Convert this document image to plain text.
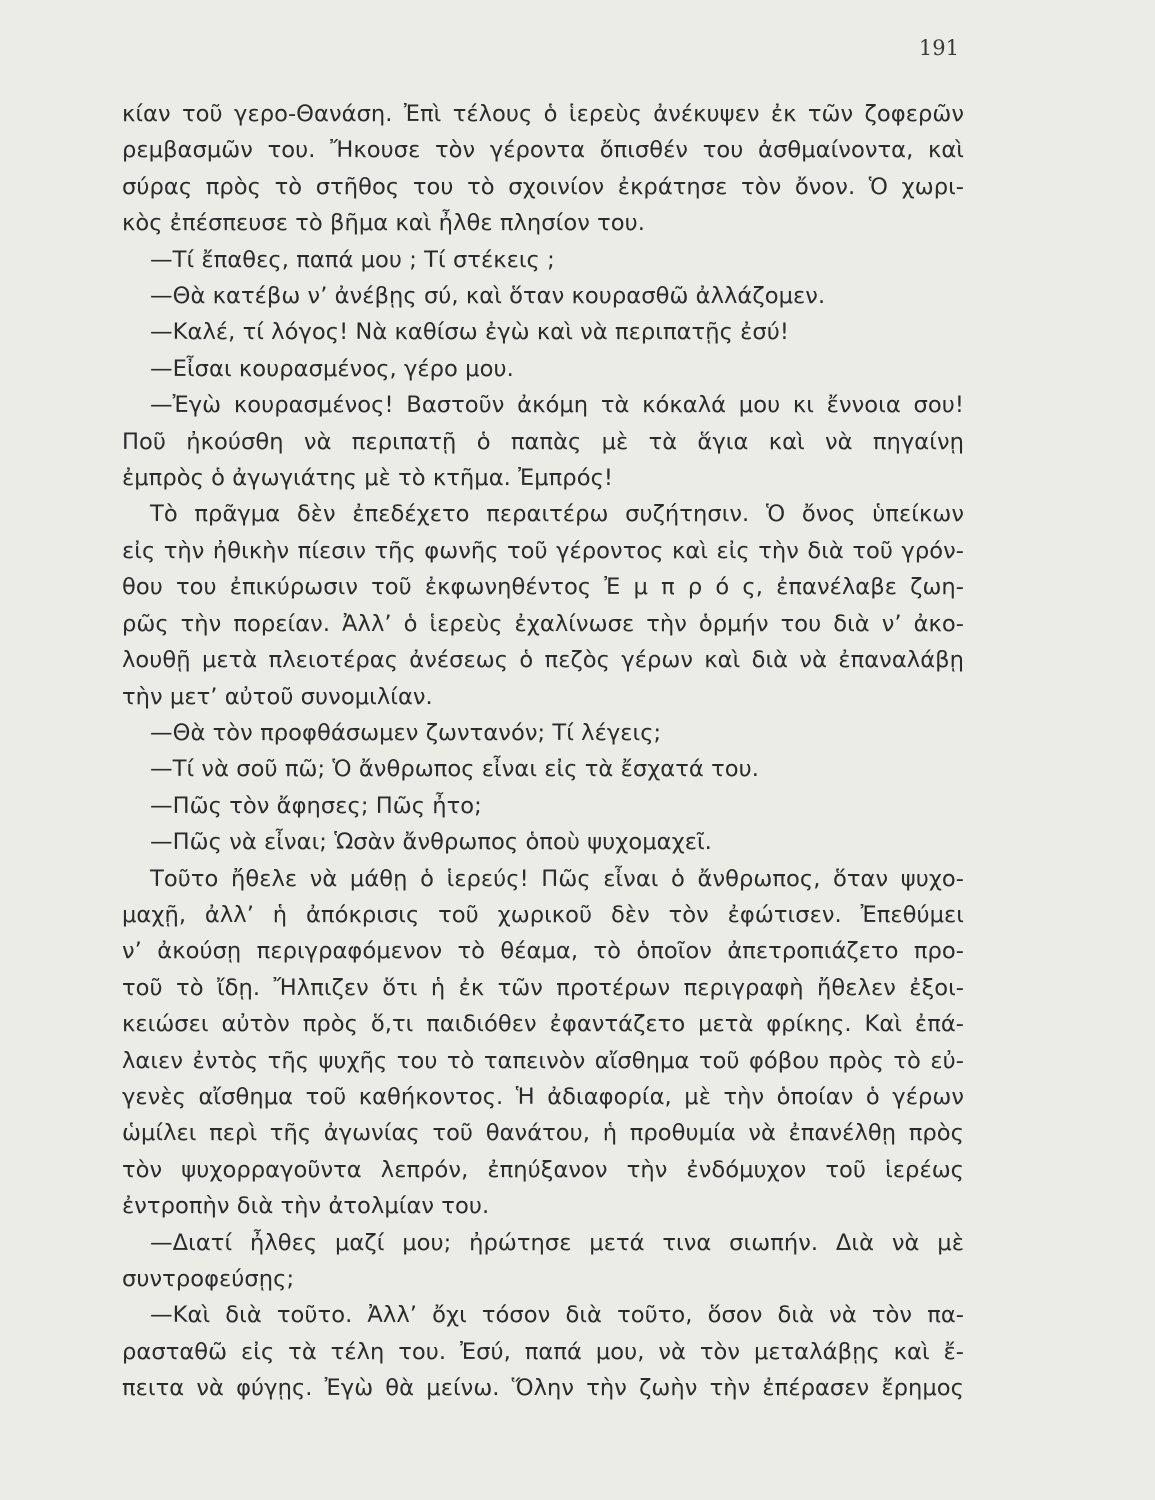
191
κίαν τοῦ γερο-Θανάση. Ἐπὶ τέλους ὁ ἱερεὺς ἀνέκυψεν ἐκ τῶν ζοφερῶν
ρεμβασμῶν του. Ἤκουσε τὸν γέροντα ὄπισθέν του ἀσθμαίνοντα, καὶ
σύρας πρὸς τὸ στῆθος του τὸ σχοινίον ἐκράτησε τὸν ὄνον. Ὁ χωρι-
κὸς ἐπέσπευσε τὸ βῆμα καὶ ἦλθε πλησίον του.
—Τί ἔπαθες, παπά μου ; Τί στέκεις ;
—Θὰ κατέβω ν’ ἀνέβῃς σύ, καὶ ὅταν κουρασθῶ ἀλλάζομεν.
—Καλέ, τί λόγος! Νὰ καθίσω ἐγὼ καὶ νὰ περιπατῇς ἐσύ!
—Εἶσαι κουρασμένος, γέρο μου.
—Ἐγὼ κουρασμένος! Βαστοῦν ἀκόμη τὰ κόκαλά μου κι ἔννοια σου!
Ποῦ ἠκούσθη νὰ περιπατῇ ὁ παπὰς μὲ τὰ ἅγια καὶ νὰ πηγαίνῃ
ἐμπρὸς ὁ ἀγωγιάτης μὲ τὸ κτῆμα. Ἐμπρός!
Τὸ πρᾶγμα δὲν ἐπεδέχετο περαιτέρω συζήτησιν. Ὁ ὄνος ὑπείκων
εἰς τὴν ἠθικὴν πίεσιν τῆς φωνῆς τοῦ γέροντος καὶ εἰς τὴν διὰ τοῦ γρόν-
θου του ἐπικύρωσιν τοῦ ἐκφωνηθέντος Ἐ μ π ρ ό ς, ἐπανέλαβε ζωη-
ρῶς τὴν πορείαν. Ἀλλ’ ὁ ἱερεὺς ἐχαλίνωσε τὴν ὁρμήν του διὰ ν’ ἀκο-
λουθῇ μετὰ πλειοτέρας ἀνέσεως ὁ πεζὸς γέρων καὶ διὰ νὰ ἐπαναλάβῃ
τὴν μετ’ αὐτοῦ συνομιλίαν.
—Θὰ τὸν προφθάσωμεν ζωντανόν; Τί λέγεις;
—Τί νὰ σοῦ πῶ; Ὁ ἄνθρωπος εἶναι εἰς τὰ ἔσχατά του.
—Πῶς τὸν ἄφησες; Πῶς ἦτο;
—Πῶς νὰ εἶναι; Ὡσὰν ἄνθρωπος ὁποὺ ψυχομαχεῖ.
Τοῦτο ἤθελε νὰ μάθῃ ὁ ἱερεύς! Πῶς εἶναι ὁ ἄνθρωπος, ὅταν ψυχο-
μαχῇ, ἀλλ’ ἡ ἀπόκρισις τοῦ χωρικοῦ δὲν τὸν ἐφώτισεν. Ἐπεθύμει
ν’ ἀκούσῃ περιγραφόμενον τὸ θέαμα, τὸ ὁποῖον ἀπετροπιάζετο προ-
τοῦ τὸ ἴδῃ. Ἤλπιζεν ὅτι ἡ ἐκ τῶν προτέρων περιγραφὴ ἤθελεν ἐξοι-
κειώσει αὐτὸν πρὸς ὅ,τι παιδιόθεν ἐφαντάζετο μετὰ φρίκης. Καὶ ἐπά-
λαιεν ἐντὸς τῆς ψυχῆς του τὸ ταπεινὸν αἴσθημα τοῦ φόβου πρὸς τὸ εὐ-
γενὲς αἴσθημα τοῦ καθήκοντος. Ἡ ἀδιαφορία, μὲ τὴν ὁποίαν ὁ γέρων
ὡμίλει περὶ τῆς ἀγωνίας τοῦ θανάτου, ἡ προθυμία νὰ ἐπανέλθῃ πρὸς
τὸν ψυχορραγοῦντα λεπρόν, ἐπηύξανον τὴν ἐνδόμυχον τοῦ ἱερέως
ἐντροπὴν διὰ τὴν ἀτολμίαν του.
—Διατί ἦλθες μαζί μου; ἠρώτησε μετά τινα σιωπήν. Διὰ νὰ μὲ
συντροφεύσῃς;
—Καὶ διὰ τοῦτο. Ἀλλ’ ὄχι τόσον διὰ τοῦτο, ὅσον διὰ νὰ τὸν πα-
ρασταθῶ εἰς τὰ τέλη του. Ἐσύ, παπά μου, νὰ τὸν μεταλάβῃς καὶ ἔ-
πειτα νὰ φύγῃς. Ἐγὼ θὰ μείνω. Ὅλην τὴν ζωὴν τὴν ἐπέρασεν ἔρημος
